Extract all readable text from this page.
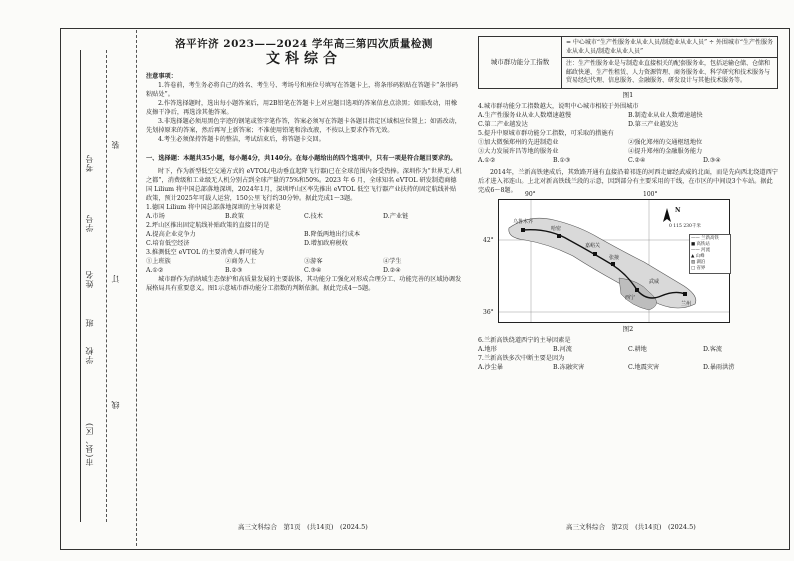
市(县、区)
学校
班
姓名
学号
考号
装
订
线
洛平许济 2023——2024 学年高三第四次质量检测
文科综合

注意事项：

1.答卷前，考生务必将自己的姓名、考生号、考场号和座位号填写在答题卡上，将条形码粘贴在答题卡“条形码粘贴处”。

2.作答选择题时，选出每小题答案后，用2B铅笔在答题卡上对应题目选项的答案信息点涂黑；如需改动，用橡皮擦干净后，再选涂其他答案。

3.非选择题必须用黑色字迹的钢笔或签字笔作答，答案必须写在答题卡各题目指定区域相应位置上；如需改动，先划掉原来的答案，然后再写上新答案；不准使用铅笔和涂改液，不按以上要求作答无效。

4.考生必须保持答题卡的整洁，考试结束后，将答题卡交回。

一、选择题：本题共35小题，每小题4分，共140分。在每小题给出的四个选项中，只有一项是符合题目要求的。

时下，作为新型低空交通方式的 eVTOL(电动垂直起降飞行器)已在全球范围内备受热捧。深圳作为“世界无人机之都”，消费级和工业级无人机分别占到全球产量的75%和50%。2023 年 6 月，全球知名 eVTOL 研发制造商德国 Lilium 将中国总部落地深圳，2024年1月，深圳坪山区率先推出 eVTOL 低空飞行器产业扶持的固定航线补贴政策，预计2025年可载人运营，150公里飞行约30分钟。据此完成1～3题。

1.德国 Lilium 将中国总部落地深圳的主导因素是

A.市场	B.政策	C.技术	D.产业链

2.坪山区推出固定航线补贴政策的直接目的是

A.提高企业竞争力	B.降低两地出行成本
C.培育低空经济	D.增加政府税收

3.推测低空 eVTOL 的主要消费人群可能为

①上班族	②商务人士	③游客	④学生
A.①②	B.②③	C.③④	D.②④

城市群作为消纳域生态保护和高质量发展的主要载体，其功能分工强化对形成合理分工、功能完善的区域协调发展格局具有重要意义。图1示意城市群功能分工指数的判断依据。据此完成4～5题。

高三文科综合　第1页　(共14页)　(2024.5)
城市群功能分工指数
= 中心城市“生产性服务业从业人员/制造业从业人员” ÷ 外围城市“生产性服务业从业人员/制造业从业人员”
注：生产性服务业是与制造业直接相关的配套服务业，包括运输仓储、仓储和邮政快递、生产性租赁、人力资源管理、商务服务业、科学研究和技术服务与贸易经纪代理、信息服务、金融服务、研发设计与其他技术服务等。
图1

4.城市群功能分工指数越大，说明中心城市相较于外围城市

A.生产性服务业从业人数增速越慢	B.制造业从业人数增速越快
C.第二产业越发达	D.第三产业越发达

5.提升中原城市群功能分工指数，可采取的措施有

①加大微强郑州的先进制造业	②强化郑州的交通枢纽地位
③大力发展许昌等地的服务业	④提升郑州的金融服务能力
A.①②	B.①③	C.②④	D.③④

2014年，兰新高铁建成后，其致路开通有直接沿着祁连的河西走廊经武威的北面，而是先向西北绕道西宁后才进入祁连山。上北对新高铁线兰段的示意，因到部分有主要采用的干线，在市区的中间设3个车站。据此完成6～8题。

90°	100°
42°
36°
乌鲁木齐
哈密
嘉峪关
张掖
武威
西宁
兰州
N
0 115 230千米
—— 兰新高铁
■ 高铁站
—— 河流
▲ 山峰
▨ 湖泊
□ 省界
图2

6.兰新高铁绕道西宁的主导因素是

A.地形	B.河流	C.耕地	D.客流

7.兰新高铁多次中断主要是因为

A.沙尘暴	B.冻融灾害	C.地震灾害	D.暴雨洪涝
高三文科综合　第2页　(共14页)　(2024.5)
